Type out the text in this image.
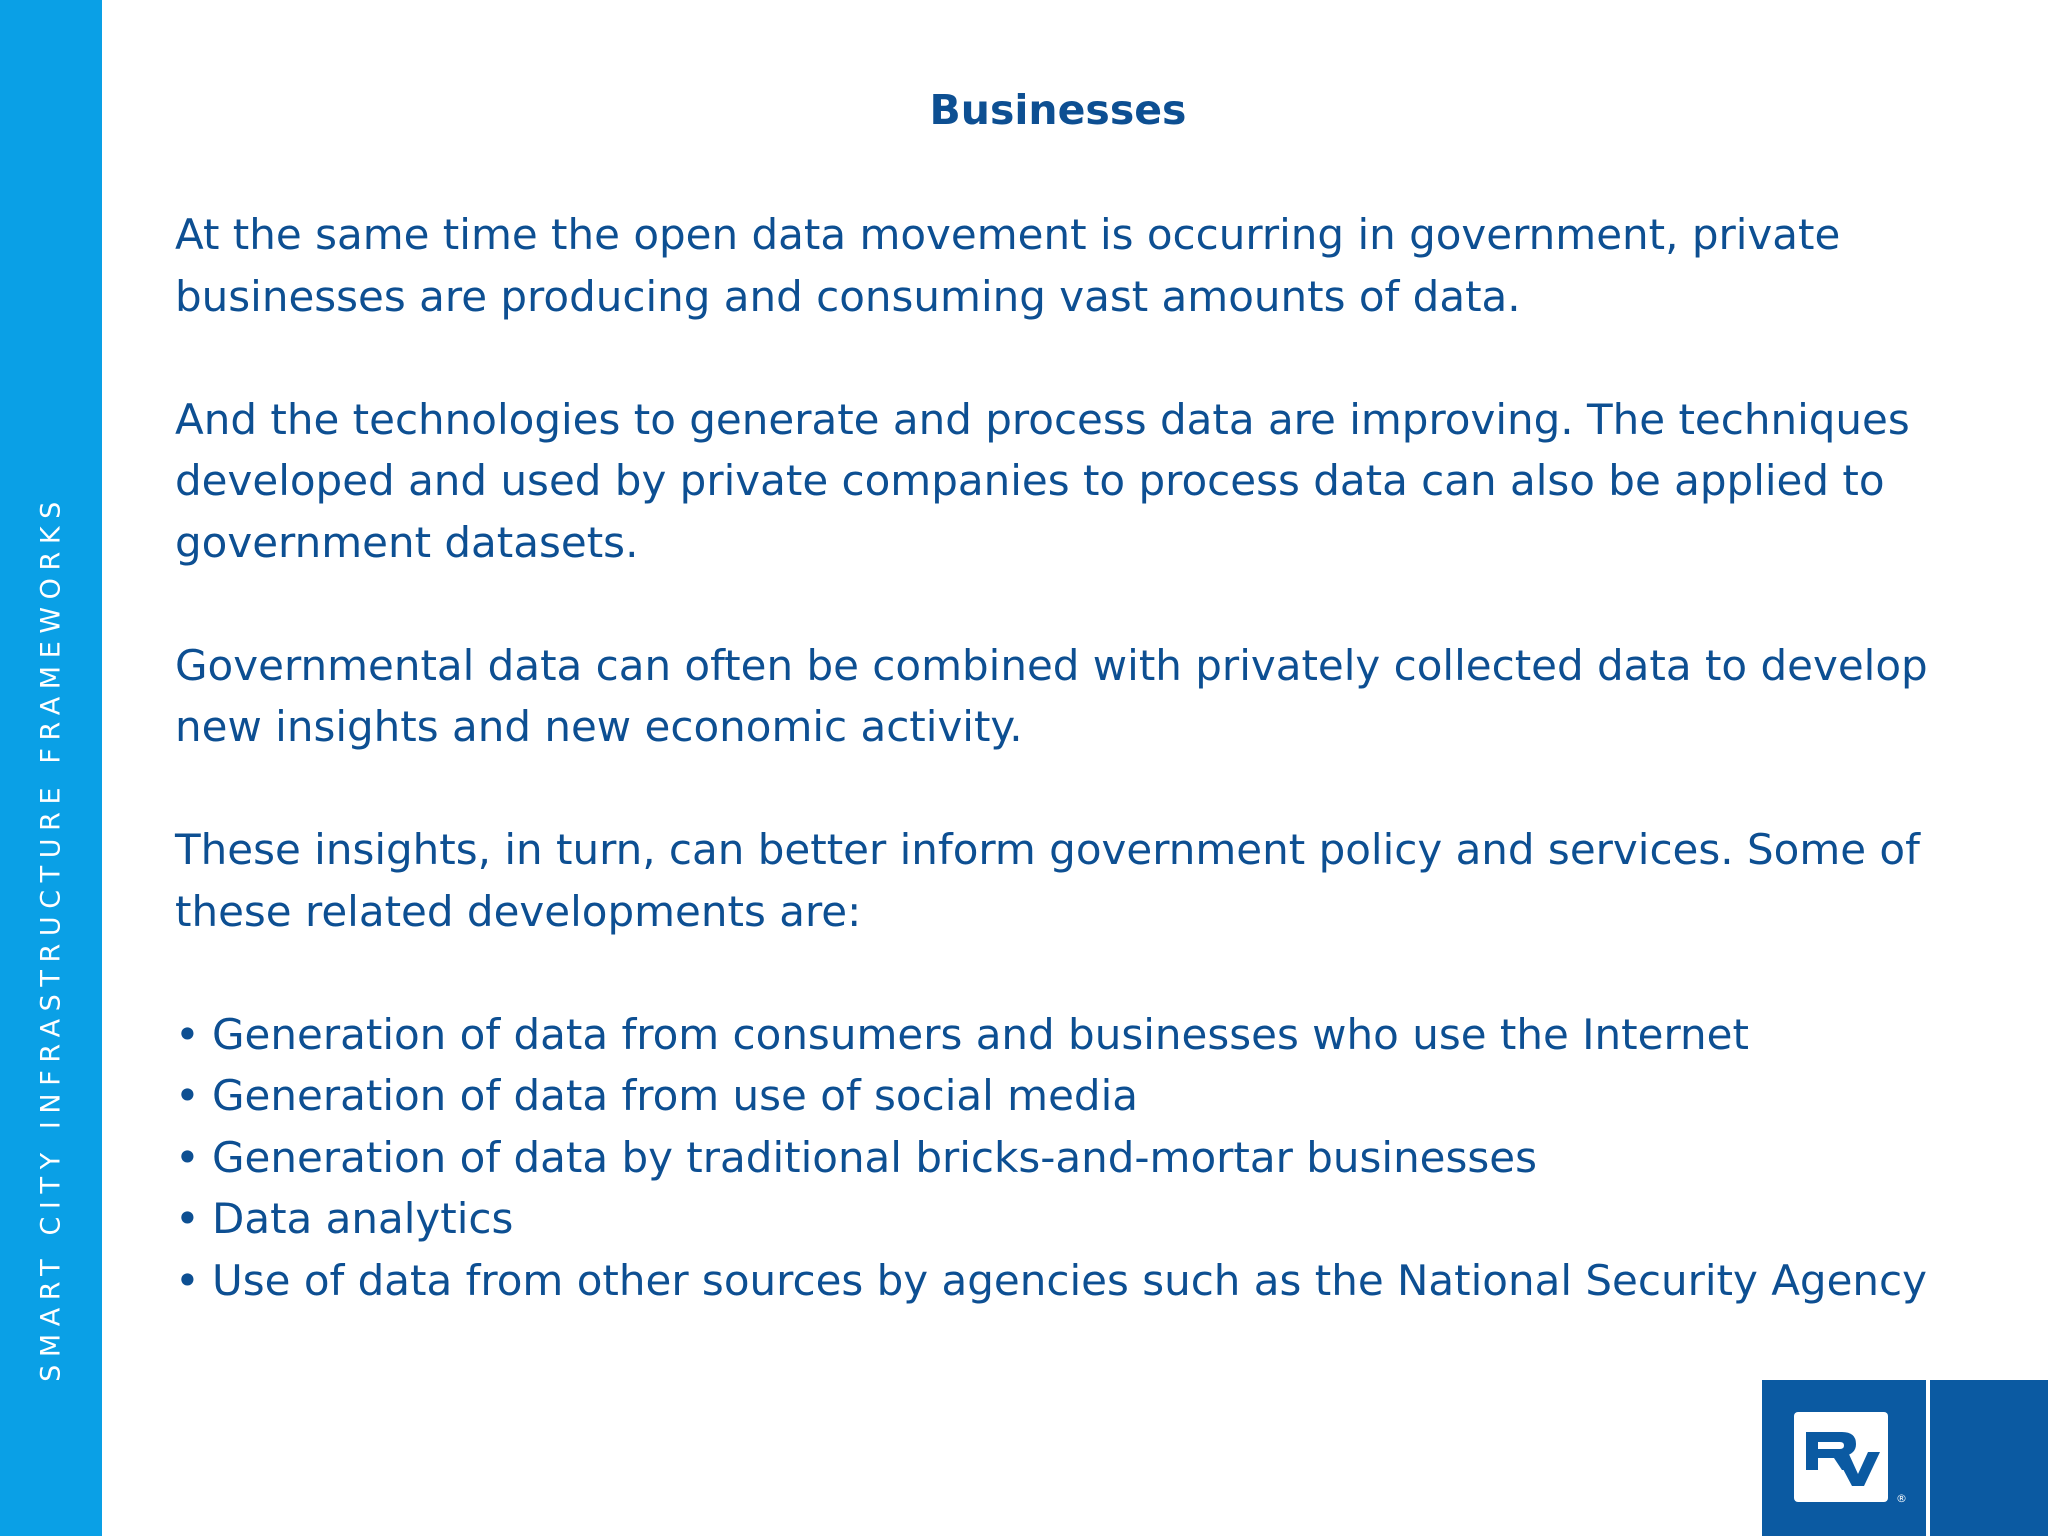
SMART CITY INFRASTRUCTURE FRAMEWORKS
Businesses

At the same time the open data movement is occurring in government, private businesses are producing and consuming vast amounts of data.

And the technologies to generate and process data are improving. The techniques developed and used by private companies to process data can also be applied to government datasets.

Governmental data can often be combined with privately collected data to develop new insights and new economic activity.

These insights, in turn, can better inform government policy and services. Some of these related developments are:

• Generation of data from consumers and businesses who use the Internet
• Generation of data from use of social media
• Generation of data by traditional bricks-and-mortar businesses
• Data analytics
• Use of data from other sources by agencies such as the National Security Agency
®
